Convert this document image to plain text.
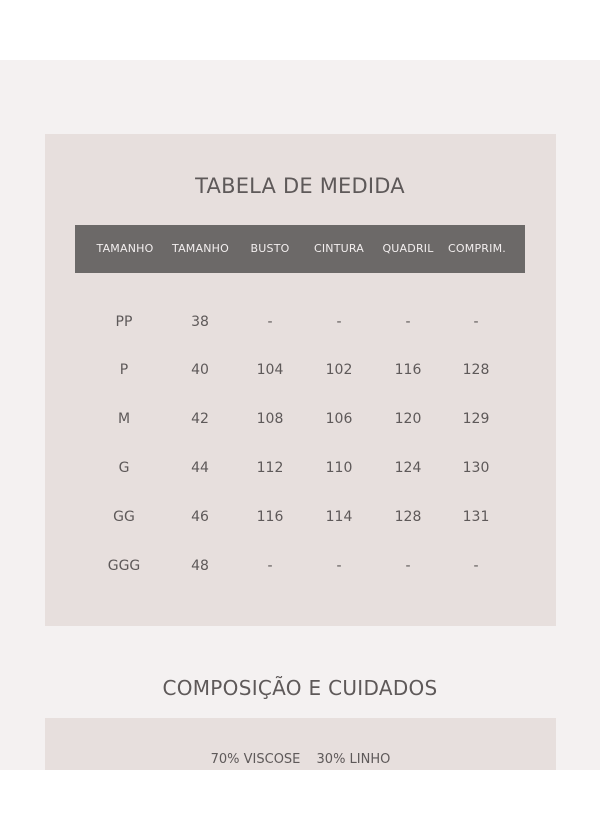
TABELA DE MEDIDA
TAMANHO	TAMANHO	BUSTO	CINTURA	QUADRIL	COMPRIM.
PP	38	-	-	-	-
P	40	104	102	116	128
M	42	108	106	120	129
G	44	112	110	124	130
GG	46	116	114	128	131
GGG	48	-	-	-	-
COMPOSIÇÃO E CUIDADOS
70% VISCOSE 30% LINHO
